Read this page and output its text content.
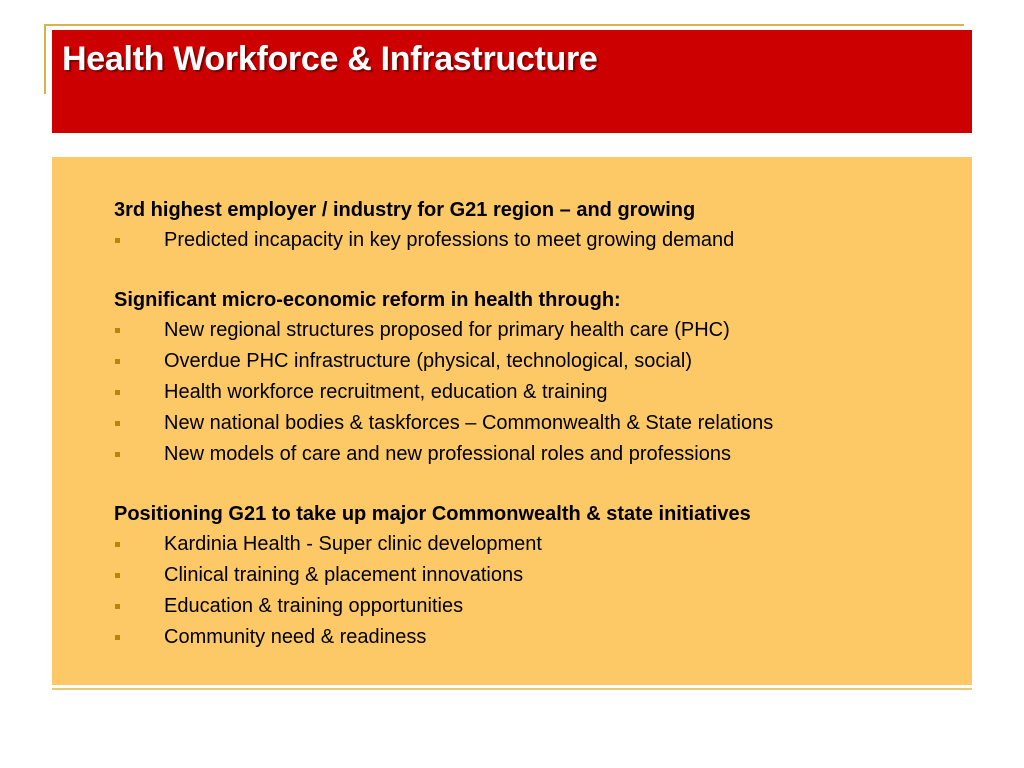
Health Workforce & Infrastructure

3rd highest employer / industry for G21 region – and growing

Predicted incapacity in key professions to meet growing demand

Significant micro-economic reform in health through:

New regional structures proposed for primary health care (PHC)
Overdue PHC infrastructure (physical, technological, social)
Health workforce recruitment, education & training
New national bodies & taskforces – Commonwealth & State relations
New models of care and new professional roles and professions

Positioning G21 to take up major Commonwealth & state initiatives

Kardinia Health - Super clinic development
Clinical training & placement innovations
Education & training opportunities
Community need & readiness
